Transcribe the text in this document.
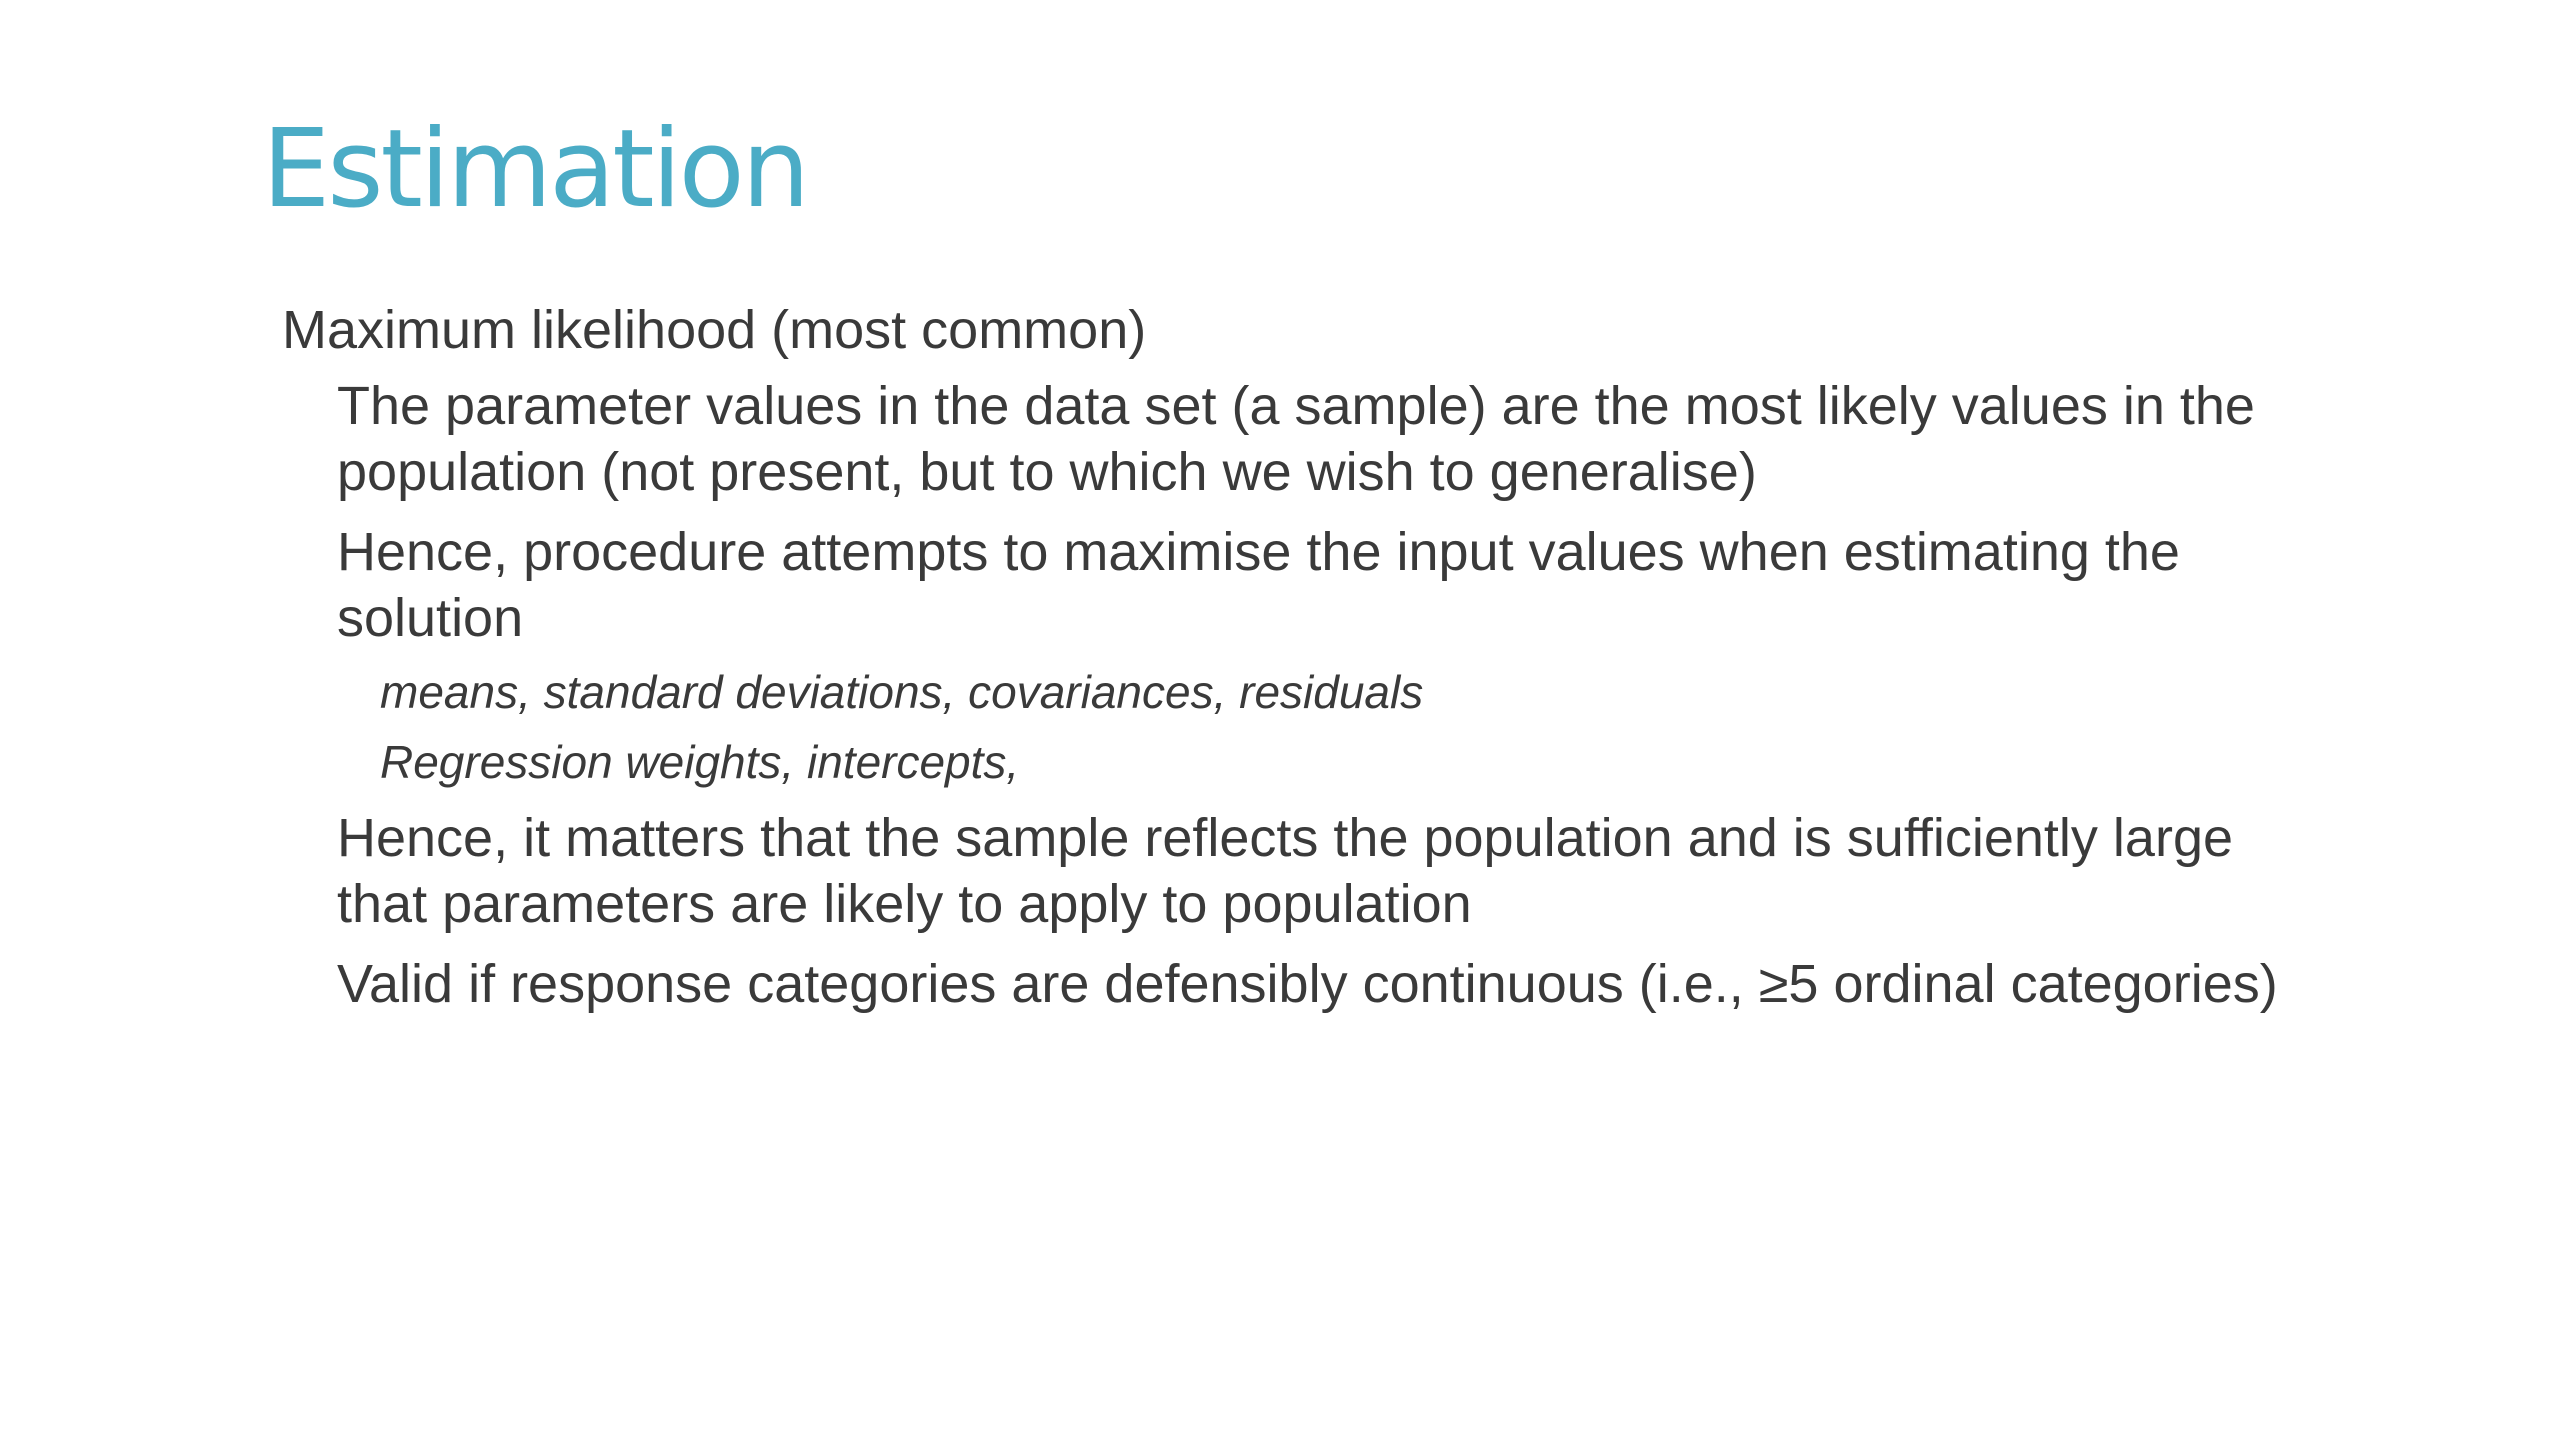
Estimation
Maximum likelihood (most common)
The parameter values in the data set (a sample) are the most likely values in the population (not present, but to which we wish to generalise)
Hence, procedure attempts to maximise the input values when estimating the solution
means, standard deviations, covariances, residuals
Regression weights, intercepts,
Hence, it matters that the sample reflects the population and is sufficiently large that parameters are likely to apply to population
Valid if response categories are defensibly continuous (i.e., ≥5 ordinal categories)
